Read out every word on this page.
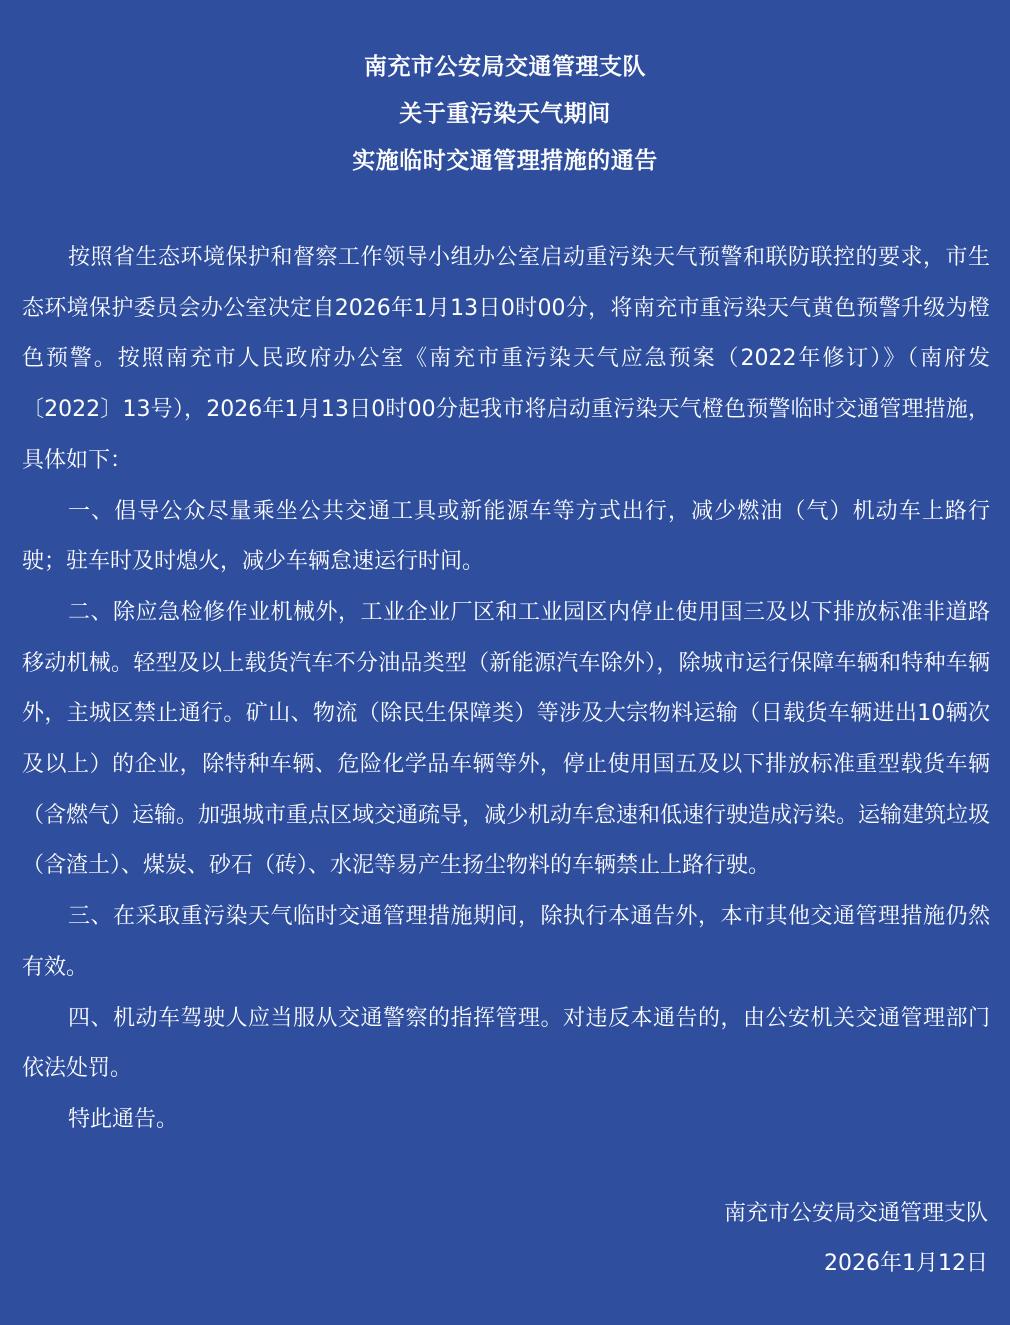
南充市公安局交通管理支队
关于重污染天气期间
实施临时交通管理措施的通告

按照省生态环境保护和督察工作领导小组办公室启动重污染天气预警和联防联控的要求，市生态环境保护委员会办公室决定自2026年1月13日0时00分，将南充市重污染天气黄色预警升级为橙色预警。按照南充市人民政府办公室《南充市重污染天气应急预案（2022年修订）》（南府发〔2022〕13号），2026年1月13日0时00分起我市将启动重污染天气橙色预警临时交通管理措施，具体如下：

一、倡导公众尽量乘坐公共交通工具或新能源车等方式出行，减少燃油（气）机动车上路行驶；驻车时及时熄火，减少车辆怠速运行时间。

二、除应急检修作业机械外，工业企业厂区和工业园区内停止使用国三及以下排放标准非道路移动机械。轻型及以上载货汽车不分油品类型（新能源汽车除外），除城市运行保障车辆和特种车辆外，主城区禁止通行。矿山、物流（除民生保障类）等涉及大宗物料运输（日载货车辆进出10辆次及以上）的企业，除特种车辆、危险化学品车辆等外，停止使用国五及以下排放标准重型载货车辆（含燃气）运输。加强城市重点区域交通疏导，减少机动车怠速和低速行驶造成污染。运输建筑垃圾（含渣土）、煤炭、砂石（砖）、水泥等易产生扬尘物料的车辆禁止上路行驶。

三、在采取重污染天气临时交通管理措施期间，除执行本通告外，本市其他交通管理措施仍然有效。

四、机动车驾驶人应当服从交通警察的指挥管理。对违反本通告的，由公安机关交通管理部门依法处罚。

特此通告。

南充市公安局交通管理支队
2026年1月12日
